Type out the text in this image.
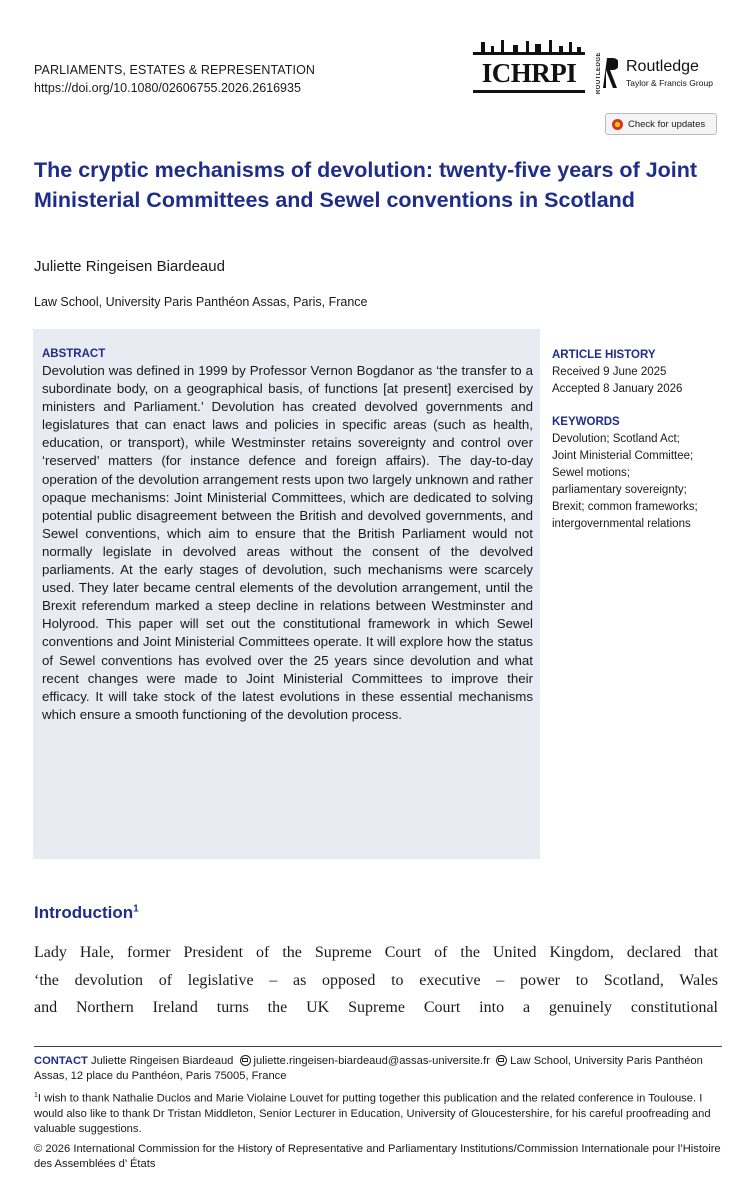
PARLIAMENTS, ESTATES & REPRESENTATION
https://doi.org/10.1080/02606755.2026.2616935	ICHRPI	ROUTLEDGE Routledge
Taylor & Francis Group
Check for updates
The cryptic mechanisms of devolution: twenty-five years of Joint Ministerial Committees and Sewel conventions in Scotland
Juliette Ringeisen Biardeaud
Law School, University Paris Panthéon Assas, Paris, France
ABSTRACT
Devolution was defined in 1999 by Professor Vernon Bogdanor as ‘the transfer to a subordinate body, on a geographical basis, of functions [at present] exercised by ministers and Parliament.’ Devolution has created devolved governments and legislatures that can enact laws and policies in specific areas (such as health, education, or transport), while Westminster retains sovereignty and control over ‘reserved’ matters (for instance defence and foreign affairs). The day-to-day operation of the devolution arrangement rests upon two largely unknown and rather opaque mechanisms: Joint Ministerial Committees, which are dedicated to solving potential public disagreement between the British and devolved governments, and Sewel conventions, which aim to ensure that the British Parliament would not normally legislate in devolved areas without the consent of the devolved parliaments. At the early stages of devolution, such mechanisms were scarcely used. They later became central elements of the devolution arrangement, until the Brexit referendum marked a steep decline in relations between Westminster and Holyrood. This paper will set out the constitutional framework in which Sewel conventions and Joint Ministerial Committees operate. It will explore how the status of Sewel conventions has evolved over the 25 years since devolution and what recent changes were made to Joint Ministerial Committees to improve their efficacy. It will take stock of the latest evolutions in these essential mechanisms which ensure a smooth functioning of the devolution process.
ARTICLE HISTORY
Received 9 June 2025
Accepted 8 January 2026
KEYWORDS
Devolution; Scotland Act;
Joint Ministerial Committee;
Sewel motions;
parliamentary sovereignty;
Brexit; common frameworks;
intergovernmental relations
Introduction$^1$
Lady Hale, former President of the Supreme Court of the United Kingdom, declared that
‘the devolution of legislative – as opposed to executive – power to Scotland, Wales
and Northern Ireland turns the UK Supreme Court into a genuinely constitutional
CONTACT Juliette Ringeisen Biardeaud juliette.ringeisen-biardeaud@assas-universite.fr Law School, University Paris Panthéon Assas, 12 place du Panthéon, Paris 75005, France
$^1$I wish to thank Nathalie Duclos and Marie Violaine Louvet for putting together this publication and the related conference in Toulouse. I would also like to thank Dr Tristan Middleton, Senior Lecturer in Education, University of Gloucestershire, for his careful proofreading and valuable suggestions.
© 2026 International Commission for the History of Representative and Parliamentary Institutions/Commission Internationale pour l’Histoire des Assemblées d’ États
